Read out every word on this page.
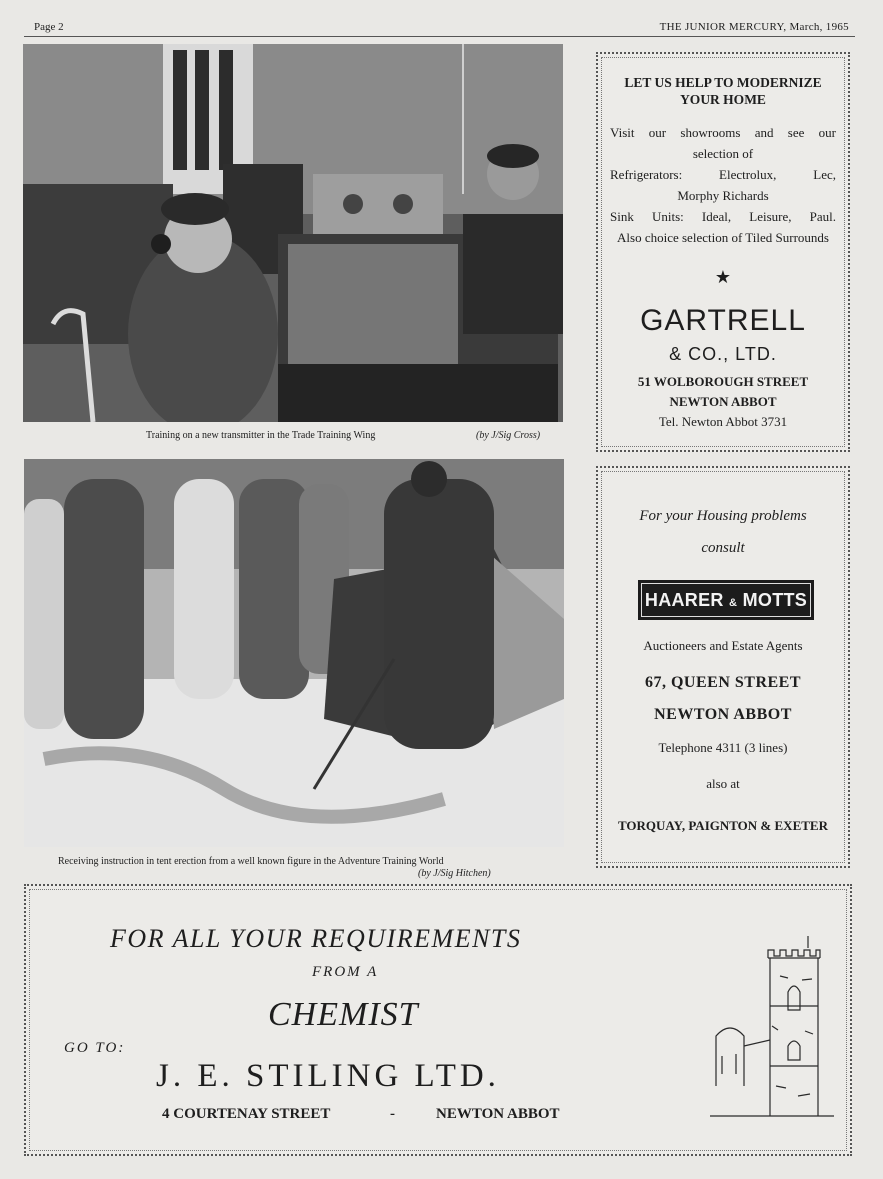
Page 2	THE JUNIOR MERCURY, March, 1965
Training on a new transmitter in the Trade Training Wing	(by J/Sig Cross)
Receiving instruction in tent erection from a well known figure in the Adventure Training World
(by J/Sig Hitchen)
LET US HELP TO MODERNIZE
YOUR HOME
Visit our showrooms and see our
selection of
Refrigerators: Electrolux, Lec,
Morphy Richards
Sink Units: Ideal, Leisure, Paul.
Also choice selection of Tiled Surrounds
★
GARTRELL
& CO., LTD.
51 WOLBOROUGH STREET
NEWTON ABBOT
Tel. Newton Abbot 3731
For your Housing problems
consult
HAARER & MOTTS
Auctioneers and Estate Agents
67, QUEEN STREET
NEWTON ABBOT
Telephone 4311 (3 lines)
also at
TORQUAY, PAIGNTON & EXETER
FOR ALL YOUR REQUIREMENTS
FROM A
CHEMIST
GO TO:
J. E. STILING LTD.
4 COURTENAY STREET	-	NEWTON ABBOT
